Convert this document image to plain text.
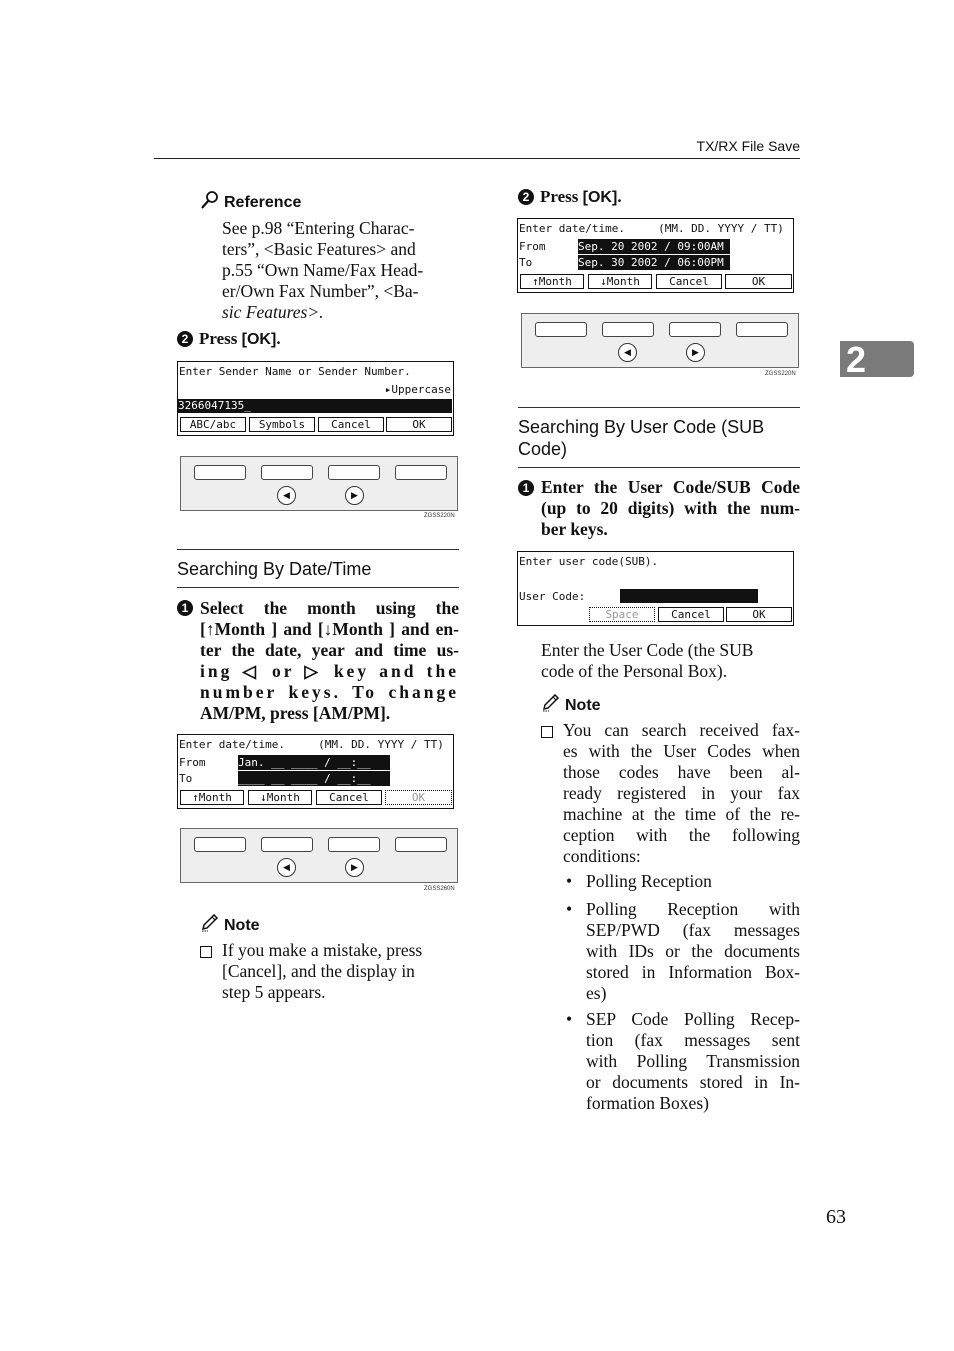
TX/RX File Save
2
63
Reference
See p.98 “Entering Charac-
ters”, <Basic Features> and
p.55 “Own Name/Fax Head-
er/Own Fax Number”, <Ba-
sic Features>.
2 Press [OK].
Enter Sender Name or Sender Number.
▸Uppercase
3266047135_
ABC/abc	Symbols	Cancel	OK
◀	▶
ZGSS220N
Searching By Date/Time
1 Select the month using the
[↑Month ] and [↓Month ] and en-
ter the date, year and time us-
ing ◁ or ▷ key and the
number keys. To change
AM/PM, press [AM/PM].
Enter date/time.     (MM. DD. YYYY / TT)
From	Jan. __ ____ / __:__
To	____ __ ____ / __:__
↑Month	↓Month	Cancel	OK
◀	▶
ZGSS260N
Note
If you make a mistake, press
[Cancel], and the display in
step 5 appears.
2 Press [OK].
Enter date/time.     (MM. DD. YYYY / TT)
From	Sep. 20 2002 / 09:00AM
To	Sep. 30 2002 / 06:00PM
↑Month	↓Month	Cancel	OK
◀	▶
ZGSS220N
Searching By User Code (SUB
Code)
1 Enter the User Code/SUB Code
(up to 20 digits) with the num-
ber keys.
Enter user code(SUB).
User Code:
Space	Cancel	OK
Enter the User Code (the SUB
code of the Personal Box).
Note
You can search received fax-
es with the User Codes when
those codes have been al-
ready registered in your fax
machine at the time of the re-
ception with the following
conditions:
• Polling Reception
• Polling Reception with
SEP/PWD (fax messages
with IDs or the documents
stored in Information Box-
es)
• SEP Code Polling Recep-
tion (fax messages sent
with Polling Transmission
or documents stored in In-
formation Boxes)
